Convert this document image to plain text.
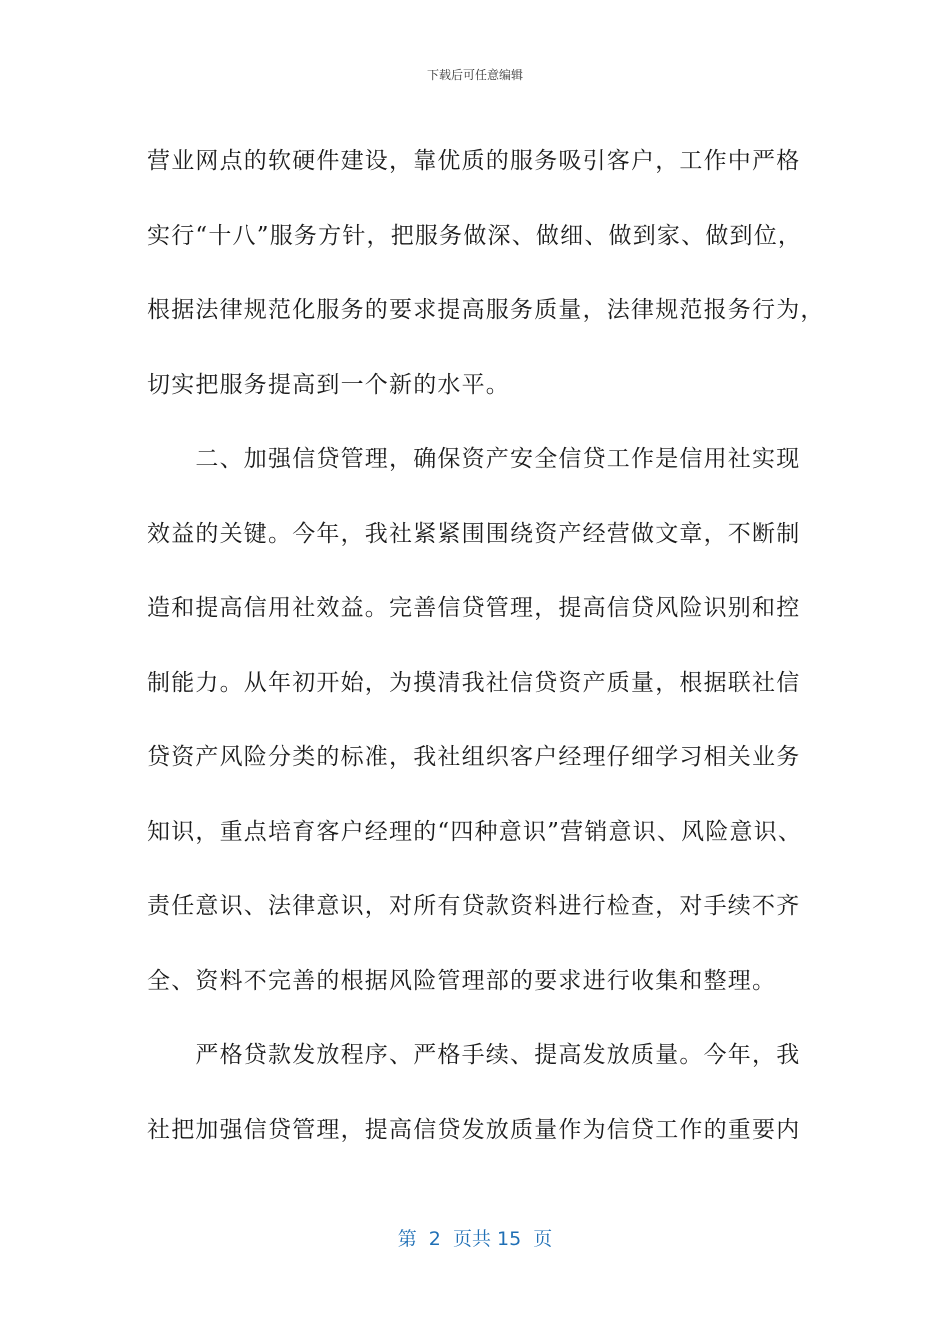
下载后可任意编辑
营业网点的软硬件建设，靠优质的服务吸引客户，工作中严格
实行“十八”服务方针，把服务做深、做细、做到家、做到位，
根据法律规范化服务的要求提高服务质量，法律规范报务行为，
切实把服务提高到一个新的水平。
　　二、加强信贷管理，确保资产安全信贷工作是信用社实现
效益的关键。今年，我社紧紧围围绕资产经营做文章，不断制
造和提高信用社效益。完善信贷管理，提高信贷风险识别和控
制能力。从年初开始，为摸清我社信贷资产质量，根据联社信
贷资产风险分类的标准，我社组织客户经理仔细学习相关业务
知识，重点培育客户经理的“四种意识”营销意识、风险意识、
责任意识、法律意识，对所有贷款资料进行检查，对手续不齐
全、资料不完善的根据风险管理部的要求进行收集和整理。
　　严格贷款发放程序、严格手续、提高发放质量。今年，我
社把加强信贷管理，提高信贷发放质量作为信贷工作的重要内
第  2  页共 15  页
